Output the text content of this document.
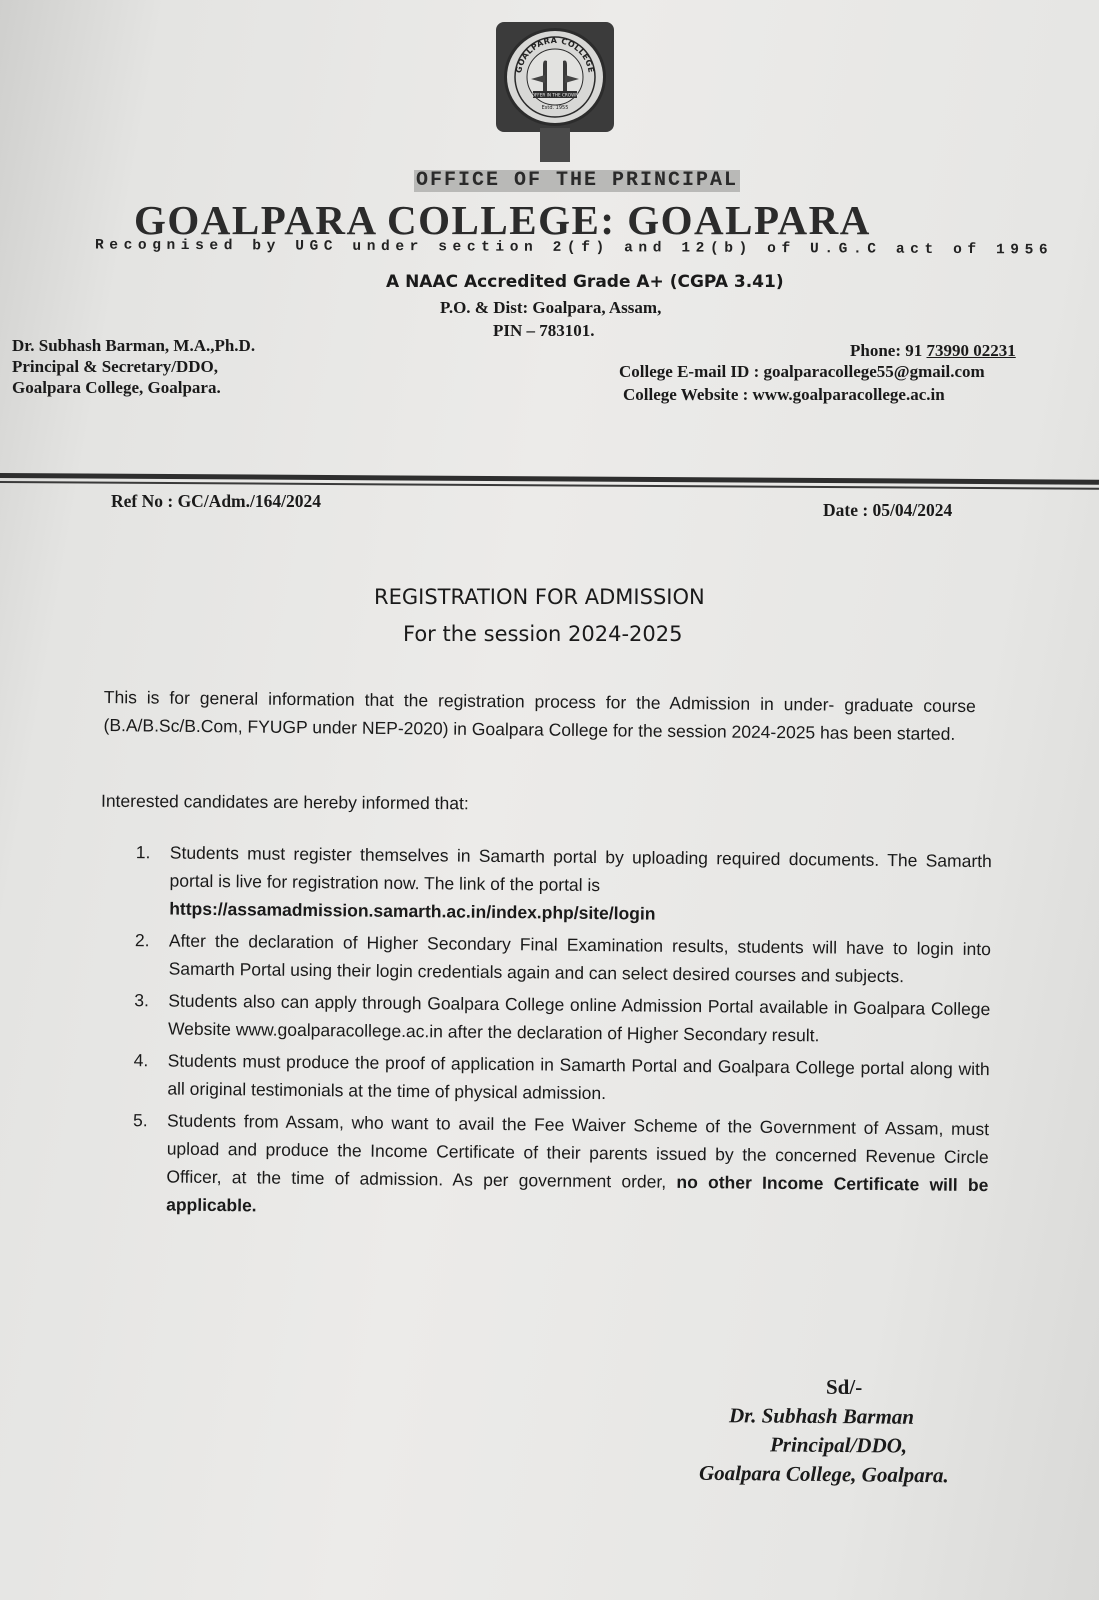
GOALPARA COLLEGE
OFFER IN THE CROWN
Estd. 1955
OFFICE OF THE PRINCIPAL
GOALPARA COLLEGE: GOALPARA
Recognised by UGC under section 2(f) and 12(b) of U.G.C act of 1956
A NAAC Accredited Grade A+ (CGPA 3.41)
P.O. & Dist: Goalpara, Assam,
PIN – 783101.
Dr. Subhash Barman, M.A.,Ph.D.
Principal & Secretary/DDO,
Goalpara College, Goalpara.
Phone: 91 73990 02231
College E-mail ID : goalparacollege55@gmail.com
College Website : www.goalparacollege.ac.in
Ref No : GC/Adm./164/2024	Date : 05/04/2024
REGISTRATION FOR ADMISSION
For the session 2024-2025
This is for general information that the registration process for the Admission in under- graduate course (B.A/B.Sc/B.Com, FYUGP under NEP-2020) in Goalpara College for the session 2024-2025 has been started.
Interested candidates are hereby informed that:
1. Students must register themselves in Samarth portal by uploading required documents. The Samarth portal is live for registration now. The link of the portal is
https://assamadmission.samarth.ac.in/index.php/site/login
2. After the declaration of Higher Secondary Final Examination results, students will have to login into Samarth Portal using their login credentials again and can select desired courses and subjects.
3. Students also can apply through Goalpara College online Admission Portal available in Goalpara College Website www.goalparacollege.ac.in after the declaration of Higher Secondary result.
4. Students must produce the proof of application in Samarth Portal and Goalpara College portal along with all original testimonials at the time of physical admission.
5. Students from Assam, who want to avail the Fee Waiver Scheme of the Government of Assam, must upload and produce the Income Certificate of their parents issued by the concerned Revenue Circle Officer, at the time of admission. As per government order, no other Income Certificate will be applicable.
Sd/-
Dr. Subhash Barman
Principal/DDO,
Goalpara College, Goalpara.
